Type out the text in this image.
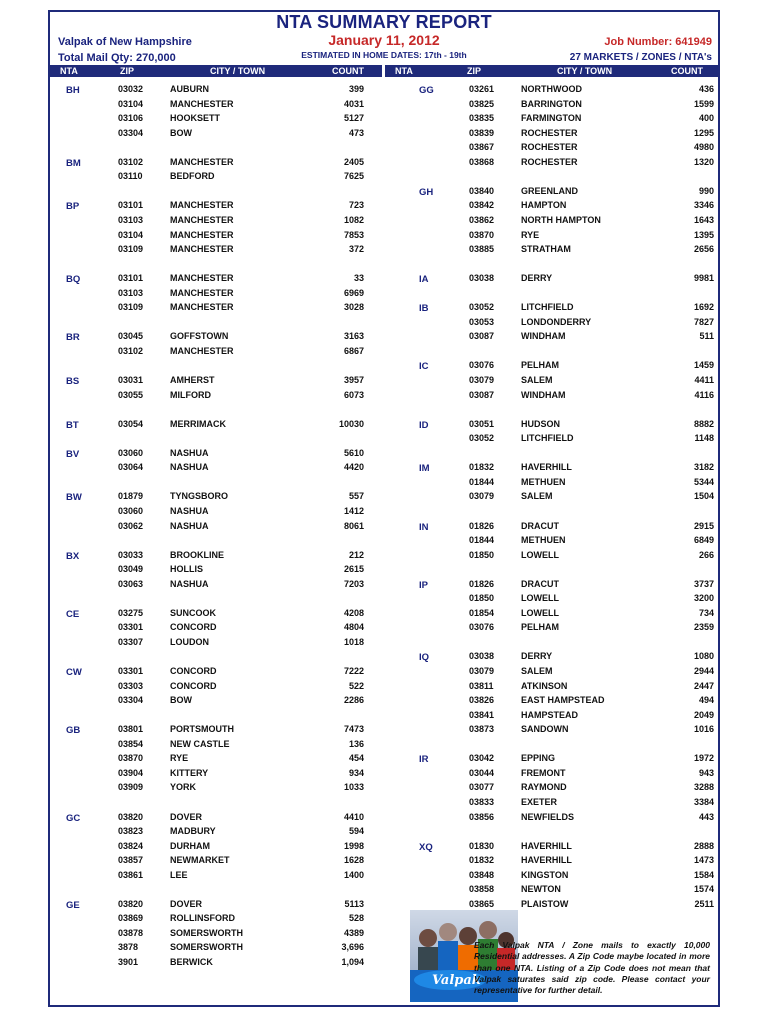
NTA SUMMARY REPORT
January 11, 2012
ESTIMATED IN HOME DATES: 17th - 19th
Valpak of New Hampshire
Total Mail Qty: 270,000
Job Number: 641949
27 MARKETS / ZONES / NTA's
NTA	ZIP	CITY / TOWN	COUNT	NTA	ZIP	CITY / TOWN	COUNT
BH	03032	AUBURN	399
03104	MANCHESTER	4031
03106	HOOKSETT	5127
03304	BOW	473
BM	03102	MANCHESTER	2405
03110	BEDFORD	7625
BP	03101	MANCHESTER	723
03103	MANCHESTER	1082
03104	MANCHESTER	7853
03109	MANCHESTER	372
BQ	03101	MANCHESTER	33
03103	MANCHESTER	6969
03109	MANCHESTER	3028
BR	03045	GOFFSTOWN	3163
03102	MANCHESTER	6867
BS	03031	AMHERST	3957
03055	MILFORD	6073
BT	03054	MERRIMACK	10030
BV	03060	NASHUA	5610
03064	NASHUA	4420
BW	01879	TYNGSBORO	557
03060	NASHUA	1412
03062	NASHUA	8061
BX	03033	BROOKLINE	212
03049	HOLLIS	2615
03063	NASHUA	7203
CE	03275	SUNCOOK	4208
03301	CONCORD	4804
03307	LOUDON	1018
CW	03301	CONCORD	7222
03303	CONCORD	522
03304	BOW	2286
GB	03801	PORTSMOUTH	7473
03854	NEW CASTLE	136
03870	RYE	454
03904	KITTERY	934
03909	YORK	1033
GC	03820	DOVER	4410
03823	MADBURY	594
03824	DURHAM	1998
03857	NEWMARKET	1628
03861	LEE	1400
GE	03820	DOVER	5113
03869	ROLLINSFORD	528
03878	SOMERSWORTH	4389
3878	SOMERSWORTH	3,696
3901	BERWICK	1,094
GG	03261	NORTHWOOD	436
03825	BARRINGTON	1599
03835	FARMINGTON	400
03839	ROCHESTER	1295
03867	ROCHESTER	4980
03868	ROCHESTER	1320
GH	03840	GREENLAND	990
03842	HAMPTON	3346
03862	NORTH HAMPTON	1643
03870	RYE	1395
03885	STRATHAM	2656
IA	03038	DERRY	9981
IB	03052	LITCHFIELD	1692
03053	LONDONDERRY	7827
03087	WINDHAM	511
IC	03076	PELHAM	1459
03079	SALEM	4411
03087	WINDHAM	4116
ID	03051	HUDSON	8882
03052	LITCHFIELD	1148
IM	01832	HAVERHILL	3182
01844	METHUEN	5344
03079	SALEM	1504
IN	01826	DRACUT	2915
01844	METHUEN	6849
01850	LOWELL	266
IP	01826	DRACUT	3737
01850	LOWELL	3200
01854	LOWELL	734
03076	PELHAM	2359
IQ	03038	DERRY	1080
03079	SALEM	2944
03811	ATKINSON	2447
03826	EAST HAMPSTEAD	494
03841	HAMPSTEAD	2049
03873	SANDOWN	1016
IR	03042	EPPING	1972
03044	FREMONT	943
03077	RAYMOND	3288
03833	EXETER	3384
03856	NEWFIELDS	443
XQ	01830	HAVERHILL	2888
01832	HAVERHILL	1473
03848	KINGSTON	1584
03858	NEWTON	1574
03865	PLAISTOW	2511
Valpak
Each Valpak NTA / Zone mails to exactly 10,000 Residential addresses. A Zip Code maybe located in more than one NTA. Listing of a Zip Code does not mean that Valpak saturates said zip code. Please contact your representative for further detail.
